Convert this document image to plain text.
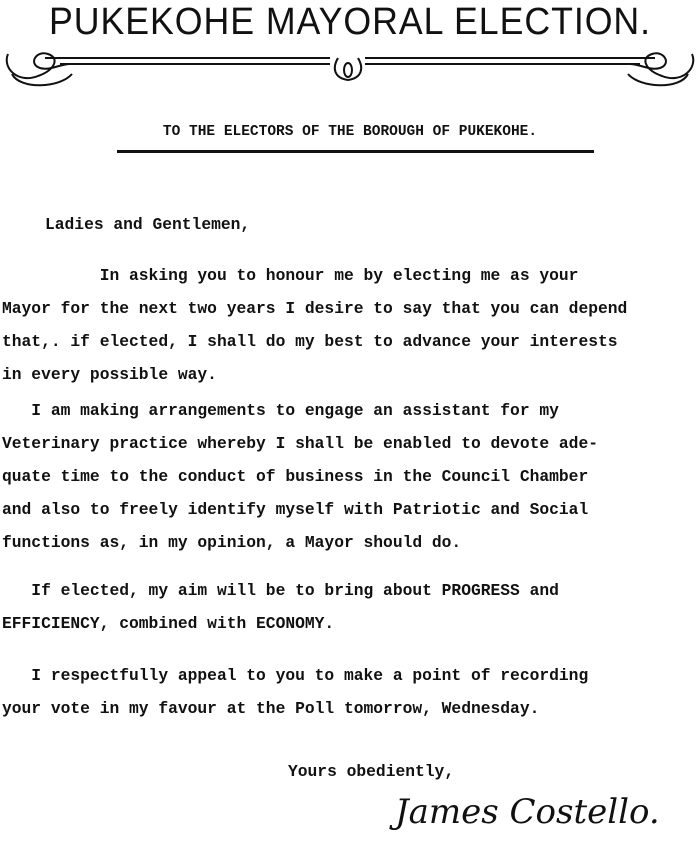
PUKEKOHE MAYORAL ELECTION.
TO THE ELECTORS OF THE BOROUGH OF PUKEKOHE.
Ladies and Gentlemen,
In asking you to honour me by electing me as your
Mayor for the next two years I desire to say that you can depend
that,. if elected, I shall do my best to advance your interests
in every possible way.
I am making arrangements to engage an assistant for my
Veterinary practice whereby I shall be enabled to devote ade-
quate time to the conduct of business in the Council Chamber
and also to freely identify myself with Patriotic and Social
functions as, in my opinion, a Mayor should do.
If elected, my aim will be to bring about PROGRESS and
EFFICIENCY, combined with ECONOMY.
I respectfully appeal to you to make a point of recording
your vote in my favour at the Poll tomorrow, Wednesday.
Yours obediently,
James Costello.
